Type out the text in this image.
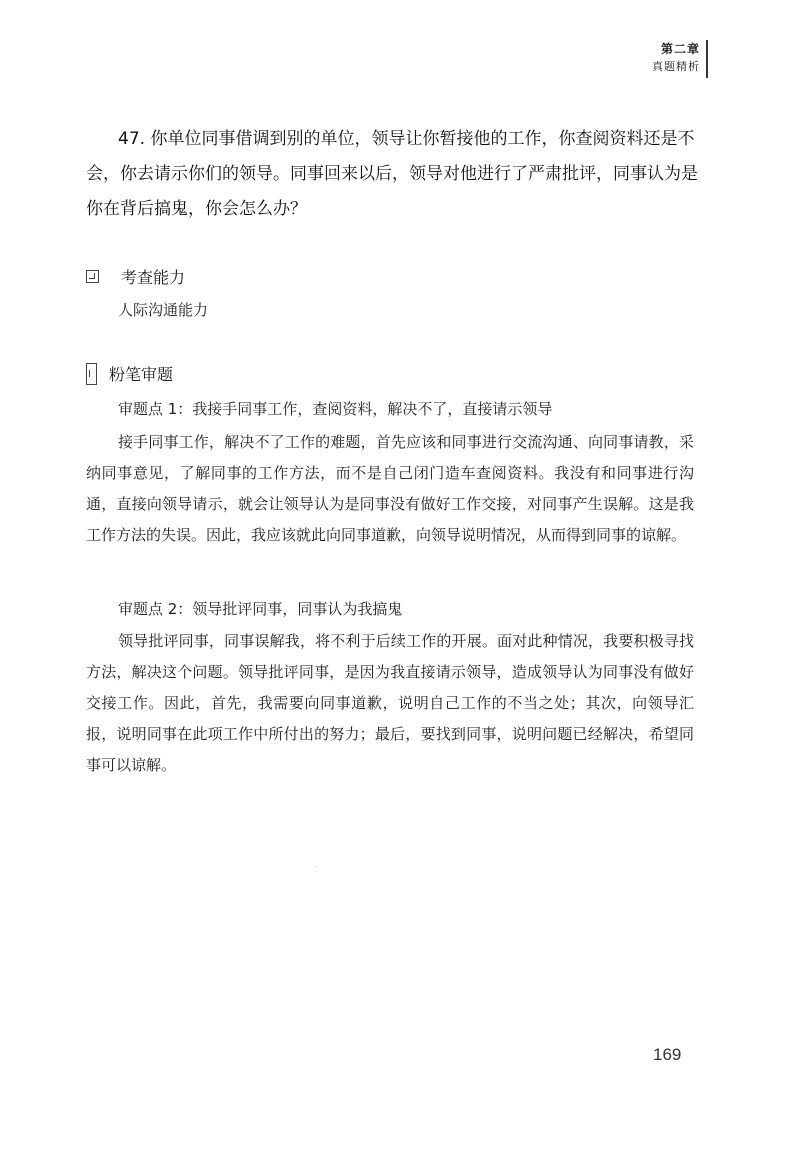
第二章
真题精析
47. 你单位同事借调到别的单位，领导让你暂接他的工作，你查阅资料还是不会，你去请示你们的领导。同事回来以后，领导对他进行了严肃批评，同事认为是你在背后搞鬼，你会怎么办？
考查能力
人际沟通能力
粉笔审题
审题点 1：我接手同事工作，查阅资料，解决不了，直接请示领导
接手同事工作，解决不了工作的难题，首先应该和同事进行交流沟通、向同事请教，采纳同事意见，了解同事的工作方法，而不是自己闭门造车查阅资料。我没有和同事进行沟通，直接向领导请示，就会让领导认为是同事没有做好工作交接，对同事产生误解。这是我工作方法的失误。因此，我应该就此向同事道歉，向领导说明情况，从而得到同事的谅解。
审题点 2：领导批评同事，同事认为我搞鬼
领导批评同事，同事误解我，将不利于后续工作的开展。面对此种情况，我要积极寻找方法，解决这个问题。领导批评同事，是因为我直接请示领导，造成领导认为同事没有做好交接工作。因此，首先，我需要向同事道歉，说明自己工作的不当之处；其次，向领导汇报，说明同事在此项工作中所付出的努力；最后，要找到同事，说明问题已经解决，希望同事可以谅解。
169
